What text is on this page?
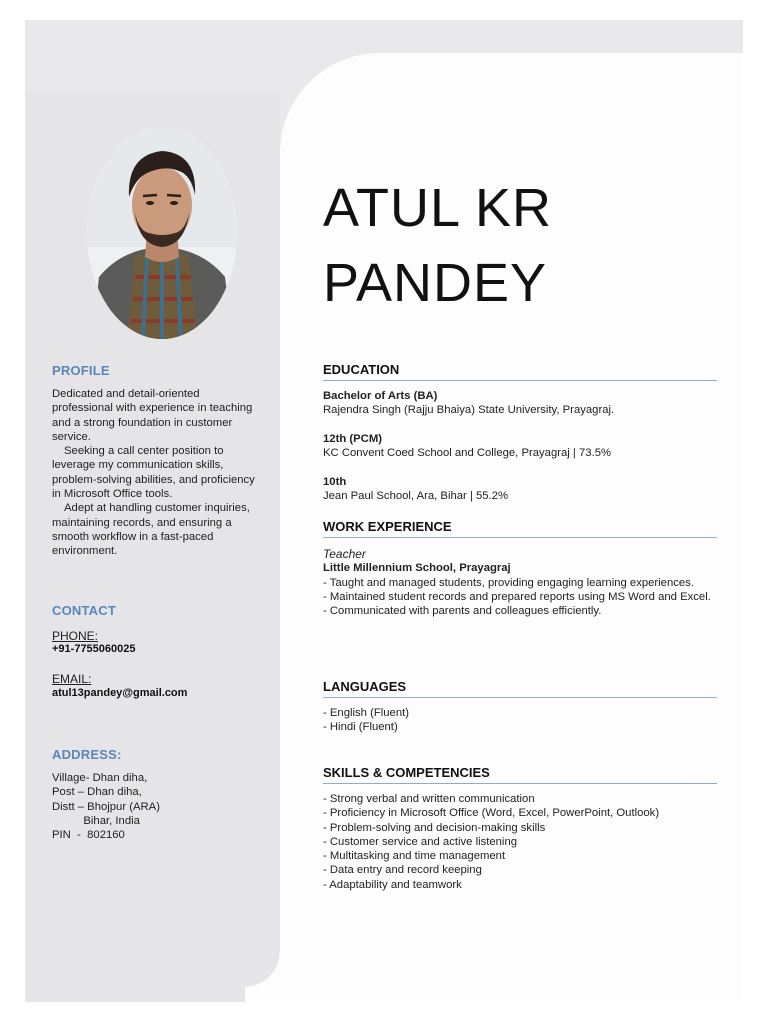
PROFILE

Dedicated and detail-oriented professional with experience in teaching and a strong foundation in customer service.

Seeking a call center position to leverage my communication skills, problem-solving abilities, and proficiency in Microsoft Office tools.

Adept at handling customer inquiries, maintaining records, and ensuring a smooth workflow in a fast-paced environment.

CONTACT
PHONE:
+91-7755060025
EMAIL:
atul13pandey@gmail.com
ADDRESS:
Village- Dhan diha,
Post – Dhan diha,
Distt – Bhojpur (ARA)
Bihar, India
PIN  -  802160
ATUL KR
PANDEY
EDUCATION
Bachelor of Arts (BA)
Rajendra Singh (Rajju Bhaiya) State University, Prayagraj.
12th (PCM)
KC Convent Coed School and College, Prayagraj | 73.5%
10th
Jean Paul School, Ara, Bihar | 55.2%
WORK EXPERIENCE
Teacher
Little Millennium School, Prayagraj
- Taught and managed students, providing engaging learning experiences.
- Maintained student records and prepared reports using MS Word and Excel.
- Communicated with parents and colleagues efficiently.
LANGUAGES
- English (Fluent)
- Hindi (Fluent)
SKILLS & COMPETENCIES
- Strong verbal and written communication
- Proficiency in Microsoft Office (Word, Excel, PowerPoint, Outlook)
- Problem-solving and decision-making skills
- Customer service and active listening
- Multitasking and time management
- Data entry and record keeping
- Adaptability and teamwork
